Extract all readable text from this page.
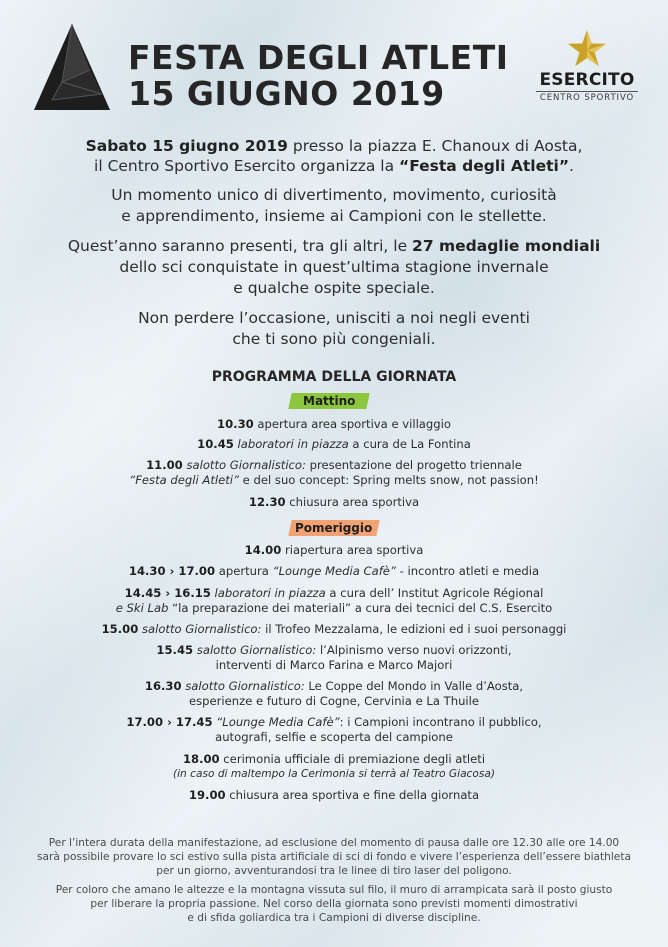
FESTA DEGLI ATLETI
15 GIUGNO 2019	ESERCITO
CENTRO SPORTIVO

Sabato 15 giugno 2019 presso la piazza E. Chanoux di Aosta,

il Centro Sportivo Esercito organizza la “Festa degli Atleti”.

Un momento unico di divertimento, movimento, curiosità

e apprendimento, insieme ai Campioni con le stellette.

Quest’anno saranno presenti, tra gli altri, le 27 medaglie mondiali

dello sci conquistate in quest’ultima stagione invernale

e qualche ospite speciale.

Non perdere l’occasione, unisciti a noi negli eventi

che ti sono più congeniali.

PROGRAMMA DELLA GIORNATA
Mattino

10.30 apertura area sportiva e villaggio

10.45 laboratori in piazza a cura de La Fontina

11.00 salotto Giornalistico: presentazione del progetto triennale

“Festa degli Atleti” e del suo concept: Spring melts snow, not passion!

12.30 chiusura area sportiva

Pomeriggio

14.00 riapertura area sportiva

14.30 › 17.00 apertura “Lounge Media Cafè” - incontro atleti e media

14.45 › 16.15 laboratori in piazza a cura dell’ Institut Agricole Régional

e Ski Lab “la preparazione dei materiali” a cura dei tecnici del C.S. Esercito

15.00 salotto Giornalistico: il Trofeo Mezzalama, le edizioni ed i suoi personaggi

15.45 salotto Giornalistico: l’Alpinismo verso nuovi orizzonti,

interventi di Marco Farina e Marco Majori

16.30 salotto Giornalistico: Le Coppe del Mondo in Valle d’Aosta,

esperienze e futuro di Cogne, Cervinia e La Thuile

17.00 › 17.45 “Lounge Media Cafè”: i Campioni incontrano il pubblico,

autografi, selfie e scoperta del campione

18.00 cerimonia ufficiale di premiazione degli atleti

(in caso di maltempo la Cerimonia si terrà al Teatro Giacosa)

19.00 chiusura area sportiva e fine della giornata

Per l’intera durata della manifestazione, ad esclusione del momento di pausa dalle ore 12.30 alle ore 14.00

sarà possibile provare lo sci estivo sulla pista artificiale di sci di fondo e vivere l’esperienza dell’essere biathleta

per un giorno, avventurandosi tra le linee di tiro laser del poligono.

Per coloro che amano le altezze e la montagna vissuta sul filo, il muro di arrampicata sarà il posto giusto

per liberare la propria passione. Nel corso della giornata sono previsti momenti dimostrativi

e di sfida goliardica tra i Campioni di diverse discipline.
